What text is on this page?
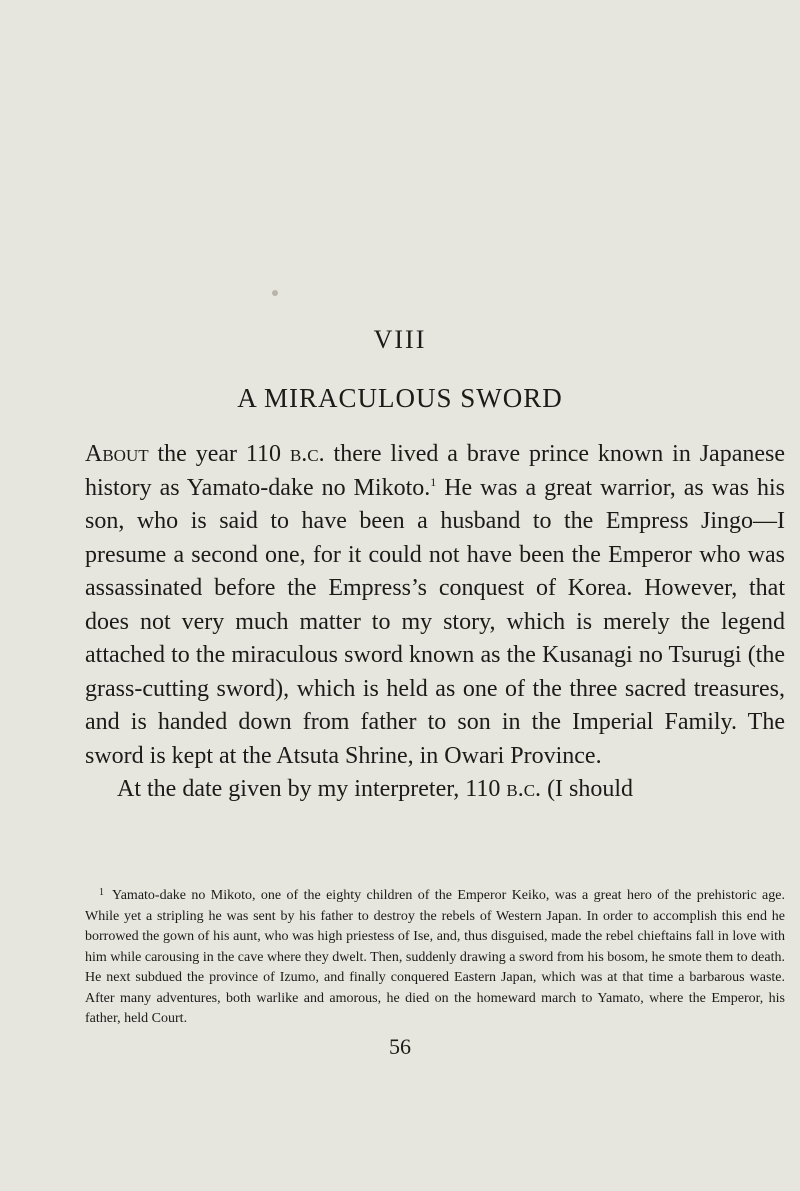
VIII
A MIRACULOUS SWORD

About the year 110 b.c. there lived a brave prince known in Japanese history as Yamato-dake no Mikoto.$^1$ He was a great warrior, as was his son, who is said to have been a husband to the Empress Jingo—I presume a second one, for it could not have been the Emperor who was assassinated before the Empress’s conquest of Korea. However, that does not very much matter to my story, which is merely the legend attached to the miraculous sword known as the Kusanagi no Tsurugi (the grass-cutting sword), which is held as one of the three sacred treasures, and is handed down from father to son in the Imperial Family. The sword is kept at the Atsuta Shrine, in Owari Province.

At the date given by my interpreter, 110 b.c. (I should

$^1$ Yamato-dake no Mikoto, one of the eighty children of the Emperor Keiko, was a great hero of the prehistoric age. While yet a stripling he was sent by his father to destroy the rebels of Western Japan. In order to accomplish this end he borrowed the gown of his aunt, who was high priestess of Ise, and, thus disguised, made the rebel chieftains fall in love with him while carousing in the cave where they dwelt. Then, suddenly drawing a sword from his bosom, he smote them to death. He next subdued the province of Izumo, and finally conquered Eastern Japan, which was at that time a barbarous waste. After many adventures, both warlike and amorous, he died on the homeward march to Yamato, where the Emperor, his father, held Court.
56
